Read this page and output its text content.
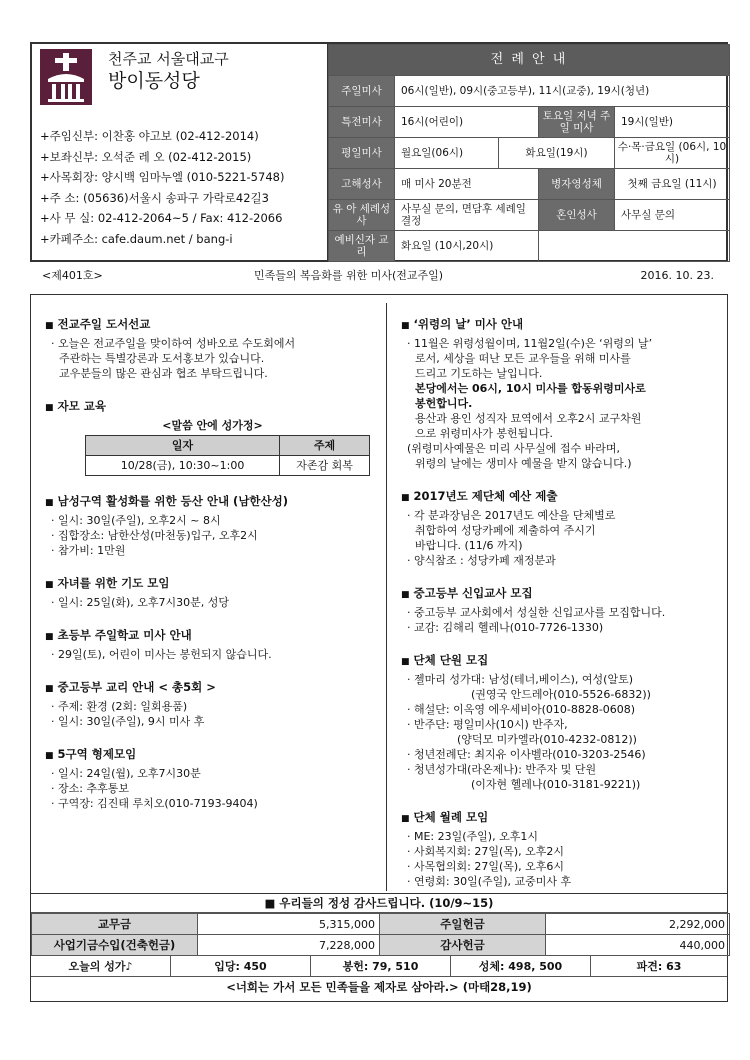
천주교 서울대교구
방이동성당
+주임신부: 이찬홍 야고보 (02-412-2014)
+보좌신부: 오석준 레 오 (02-412-2015)
+사목회장: 양시백 임마누엘 (010-5221-5748)
+주 소: (05636)서울시 송파구 가락로42길3
+사 무 실: 02-412-2064~5 / Fax: 412-2066
+카페주소: cafe.daum.net / bang-i
전 례 안 내				
주일미사	06시(일반), 09시(중고등부), 11시(교중), 19시(청년)			
특전미사	16시(어린이)		토요일 저녁 주일 미사	19시(일반)
평일미사	월요일(06시)	화요일(19시)		수·목·금요일 (06시, 10시)
고해성사	매 미사 20분전		병자영성체	첫째 금요일 (11시)
유 아 세례성사	사무실 문의, 면담후 세례일 결정		혼인성사	사무실 문의
예비신자 교 리	화요일 (10시,20시)			
<제401호>	민족들의 복음화를 위한 미사(전교주일)	2016. 10. 23.
■ 전교주일 도서선교
· 오늘은 전교주일을 맞이하여 성바오로 수도회에서
주관하는 특별강론과 도서홍보가 있습니다.
교우분들의 많은 관심과 협조 부탁드립니다.
■ 자모 교육
<말씀 안에 성가정>
일자	주제
10/28(금), 10:30~1:00	자존감 회복
■ 남성구역 활성화를 위한 등산 안내 (남한산성)
· 일시: 30일(주일), 오후2시 ~ 8시
· 집합장소: 남한산성(마천동)입구, 오후2시
· 참가비: 1만원
■ 자녀를 위한 기도 모임
· 일시: 25일(화), 오후7시30분, 성당
■ 초등부 주일학교 미사 안내
· 29일(토), 어린이 미사는 봉헌되지 않습니다.
■ 중고등부 교리 안내 < 총5회 >
· 주제: 환경 (2회: 일회용품)
· 일시: 30일(주일), 9시 미사 후
■ 5구역 형제모임
· 일시: 24일(월), 오후7시30분
· 장소: 추후통보
· 구역장: 김진태 루치오(010-7193-9404)
■ ‘위령의 날’ 미사 안내
· 11월은 위령성월이며, 11월2일(수)은 ‘위령의 날’
로서, 세상을 떠난 모든 교우들을 위해 미사를
드리고 기도하는 날입니다.
본당에서는 06시, 10시 미사를 합동위령미사로
봉헌합니다.
용산과 용인 성직자 묘역에서 오후2시 교구차원
으로 위령미사가 봉헌됩니다.
(위령미사예물은 미리 사무실에 접수 바라며,
위령의 날에는 생미사 예물을 받지 않습니다.)
■ 2017년도 제단체 예산 제출
· 각 분과장님은 2017년도 예산을 단체별로
취합하여 성당카페에 제출하여 주시기
바랍니다. (11/6 까지)
· 양식참조 : 성당카페 재정분과
■ 중고등부 신입교사 모집
· 중고등부 교사회에서 성실한 신입교사를 모집합니다.
· 교감: 김해리 헬레나(010-7726-1330)
■ 단체 단원 모집
· 젤마리 성가대: 남성(테너,베이스), 여성(알토)
(권영국 안드레아(010-5526-6832))
· 해설단: 이옥영 에우세비아(010-8828-0608)
· 반주단: 평일미사(10시) 반주자,
(양덕모 미카엘라(010-4232-0812))
· 청년전례단: 최지유 이사벨라(010-3203-2546)
· 청년성가대(라온제나): 반주자 및 단원
(이자현 헬레나(010-3181-9221))
■ 단체 월례 모임
· ME: 23일(주일), 오후1시
· 사회복지회: 27일(목), 오후2시
· 사목협의회: 27일(목), 오후6시
· 연령회: 30일(주일), 교중미사 후
■ 우리들의 정성 감사드립니다. (10/9~15)
교무금	5,315,000	주일헌금	2,292,000
사업기금수입(건축헌금)	7,228,000	감사헌금	440,000
오늘의 성가♪	입당: 450	봉헌: 79, 510	성체: 498, 500	파견: 63
<너희는 가서 모든 민족들을 제자로 삼아라.> (마태28,19)
